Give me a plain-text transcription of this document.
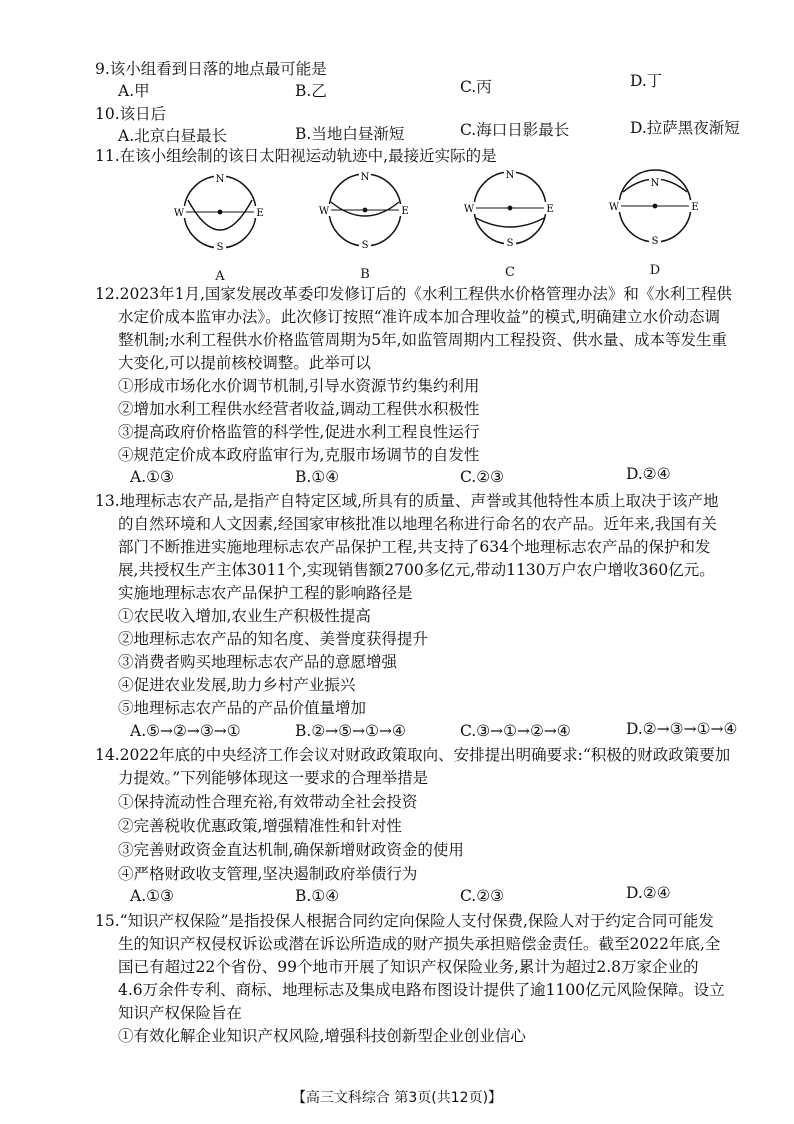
9.该小组看到日落的地点最可能是
A.甲	B.乙	C.丙	D.丁
10.该日后
A.北京白昼最长	B.当地白昼渐短	C.海口日影最长	D.拉萨黑夜渐短
11.在该小组绘制的该日太阳视运动轨迹中,最接近实际的是
N
S
W	E
A
N
S
W	E
B
N
S
W	E
C
N
S
W	E
D
12.2023年1月,国家发展改革委印发修订后的《水利工程供水价格管理办法》和《水利工程供
水定价成本监审办法》。此次修订按照“准许成本加合理收益”的模式,明确建立水价动态调
整机制;水利工程供水价格监管周期为5年,如监管周期内工程投资、供水量、成本等发生重
大变化,可以提前核校调整。此举可以
①形成市场化水价调节机制,引导水资源节约集约利用
②增加水利工程供水经营者收益,调动工程供水积极性
③提高政府价格监管的科学性,促进水利工程良性运行
④规范定价成本政府监审行为,克服市场调节的自发性
A.①③	B.①④	C.②③	D.②④
13.地理标志农产品,是指产自特定区域,所具有的质量、声誉或其他特性本质上取决于该产地
的自然环境和人文因素,经国家审核批准以地理名称进行命名的农产品。近年来,我国有关
部门不断推进实施地理标志农产品保护工程,共支持了634个地理标志农产品的保护和发
展,共授权生产主体3011个,实现销售额2700多亿元,带动1130万户农户增收360亿元。
实施地理标志农产品保护工程的影响路径是
①农民收入增加,农业生产积极性提高
②地理标志农产品的知名度、美誉度获得提升
③消费者购买地理标志农产品的意愿增强
④促进农业发展,助力乡村产业振兴
⑤地理标志农产品的产品价值量增加
A.⑤→②→③→①	B.②→⑤→①→④	C.③→①→②→④	D.②→③→①→④
14.2022年底的中央经济工作会议对财政政策取向、安排提出明确要求:“积极的财政政策要加
力提效。”下列能够体现这一要求的合理举措是
①保持流动性合理充裕,有效带动全社会投资
②完善税收优惠政策,增强精准性和针对性
③完善财政资金直达机制,确保新增财政资金的使用
④严格财政收支管理,坚决遏制政府举债行为
A.①③	B.①④	C.②③	D.②④
15.“知识产权保险”是指投保人根据合同约定向保险人支付保费,保险人对于约定合同可能发
生的知识产权侵权诉讼或潜在诉讼所造成的财产损失承担赔偿金责任。截至2022年底,全
国已有超过22个省份、99个地市开展了知识产权保险业务,累计为超过2.8万家企业的
4.6万余件专利、商标、地理标志及集成电路布图设计提供了逾1100亿元风险保障。设立
知识产权保险旨在
①有效化解企业知识产权风险,增强科技创新型企业创业信心
【高三文科综合 第3页(共12页)】
